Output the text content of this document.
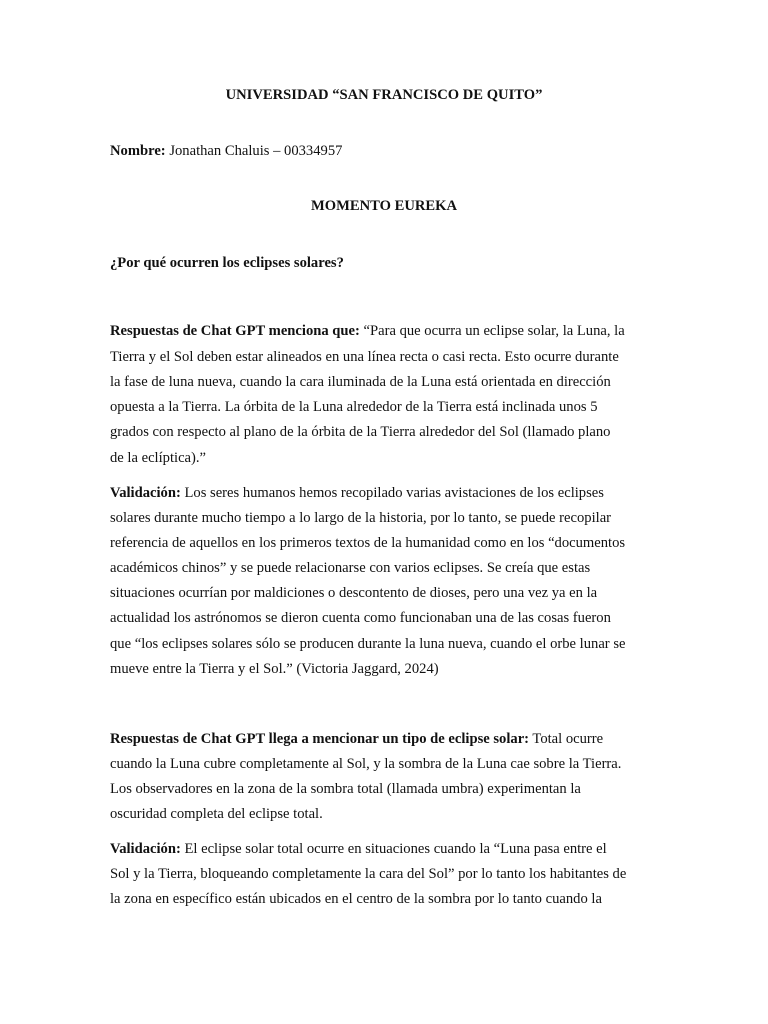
UNIVERSIDAD “SAN FRANCISCO DE QUITO”
Nombre: Jonathan Chaluis – 00334957
MOMENTO EUREKA
¿Por qué ocurren los eclipses solares?
Respuestas de Chat GPT menciona que: “Para que ocurra un eclipse solar, la Luna, la
Tierra y el Sol deben estar alineados en una línea recta o casi recta. Esto ocurre durante
la fase de luna nueva, cuando la cara iluminada de la Luna está orientada en dirección
opuesta a la Tierra. La órbita de la Luna alrededor de la Tierra está inclinada unos 5
grados con respecto al plano de la órbita de la Tierra alrededor del Sol (llamado plano
de la eclíptica).”
Validación: Los seres humanos hemos recopilado varias avistaciones de los eclipses
solares durante mucho tiempo a lo largo de la historia, por lo tanto, se puede recopilar
referencia de aquellos en los primeros textos de la humanidad como en los “documentos
académicos chinos” y se puede relacionarse con varios eclipses. Se creía que estas
situaciones ocurrían por maldiciones o descontento de dioses, pero una vez ya en la
actualidad los astrónomos se dieron cuenta como funcionaban una de las cosas fueron
que “los eclipses solares sólo se producen durante la luna nueva, cuando el orbe lunar se
mueve entre la Tierra y el Sol.” (Victoria Jaggard, 2024)
Respuestas de Chat GPT llega a mencionar un tipo de eclipse solar: Total ocurre
cuando la Luna cubre completamente al Sol, y la sombra de la Luna cae sobre la Tierra.
Los observadores en la zona de la sombra total (llamada umbra) experimentan la
oscuridad completa del eclipse total.
Validación: El eclipse solar total ocurre en situaciones cuando la “Luna pasa entre el
Sol y la Tierra, bloqueando completamente la cara del Sol” por lo tanto los habitantes de
la zona en específico están ubicados en el centro de la sombra por lo tanto cuando la
